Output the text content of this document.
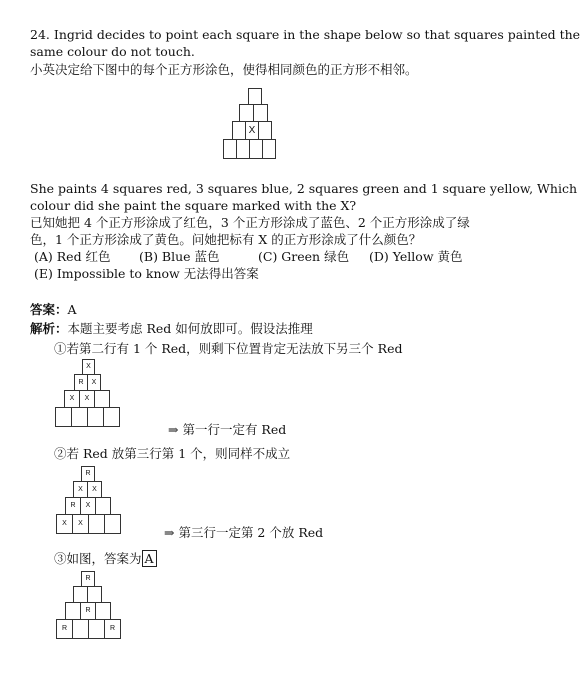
24. Ingrid decides to point each square in the shape below so that squares painted the
same colour do not touch.
小英决定给下图中的每个正方形涂色，使得相同颜色的正方形不相邻。
X
She paints 4 squares red, 3 squares blue, 2 squares green and 1 square yellow, Which
colour did she paint the square marked with the X?
已知她把 4 个正方形涂成了红色，3 个正方形涂成了蓝色、2 个正方形涂成了绿
色，1 个正方形涂成了黄色。问她把标有 X 的正方形涂成了什么颜色？
(A) Red 红色 (B) Blue 蓝色	(C) Green 绿色 (D) Yellow 黄色
(E) Impossible to know 无法得出答案
答案：A
解析：本题主要考虑 Red 如何放即可。假设法推理
①若第二行有 1 个 Red，则剩下位置肯定无法放下另三个 Red
X
R	X
X	X
⇒ 第一行一定有 Red
②若 Red 放第三行第 1 个，则同样不成立
R
X	X
R	X
X	X
⇒ 第三行一定第 2 个放 Red
③如图，答案为 A
R
R
R	R
